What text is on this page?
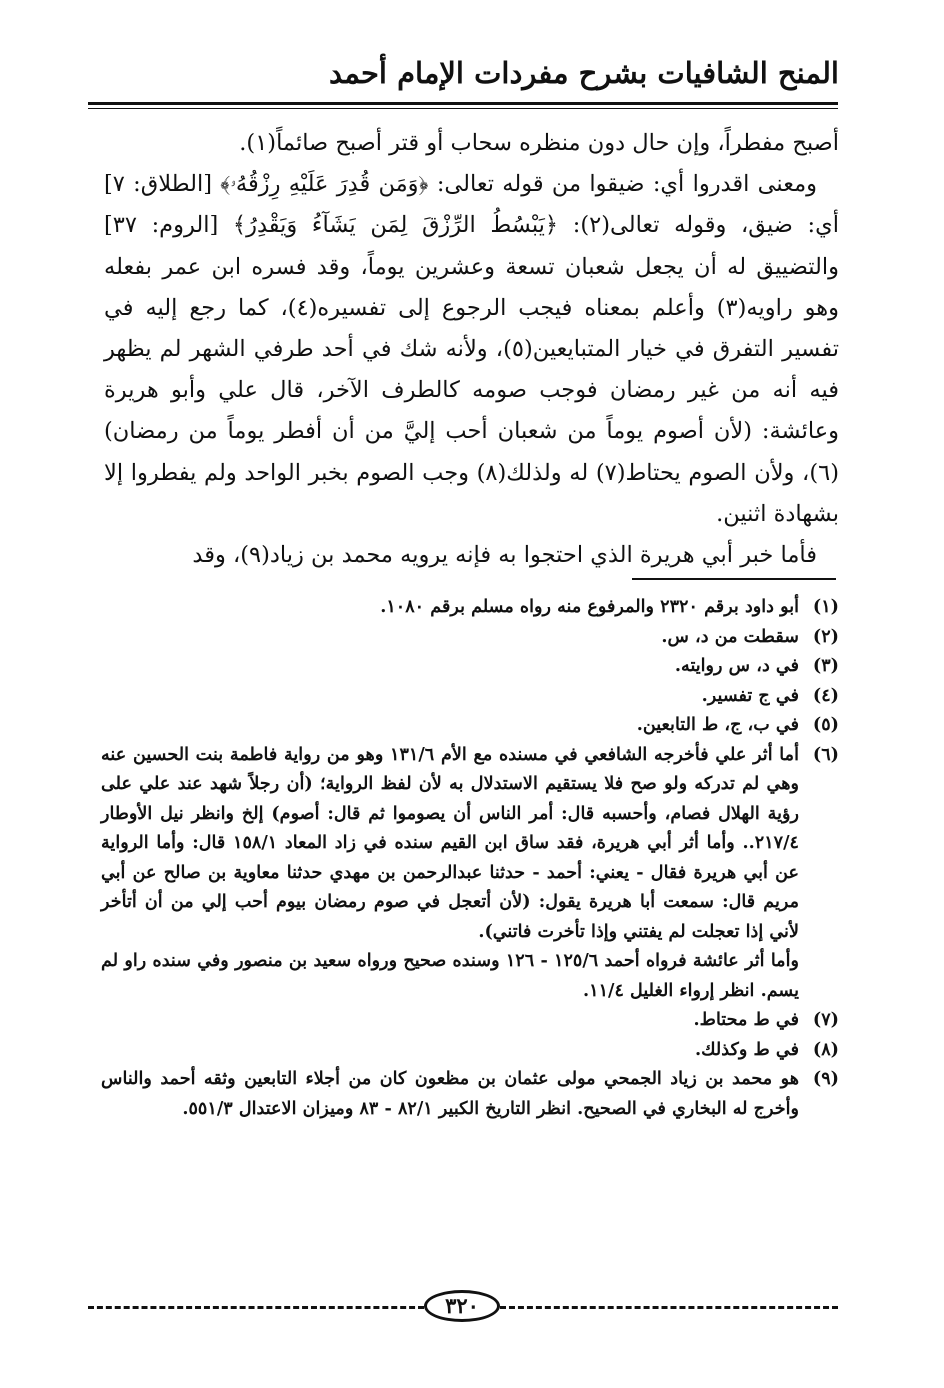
المنح الشافيات بشرح مفردات الإمام أحمد

أصبح مفطراً، وإن حال دون منظره سحاب أو قتر أصبح صائماً(١).

ومعنى اقدروا أي: ضيقوا من قوله تعالى: ﴿وَمَن قُدِرَ عَلَيْهِ رِزْقُهُۥ﴾ [الطلاق: ٧] أي: ضيق، وقوله تعالى(٢): ﴿يَبْسُطُ الرِّزْقَ لِمَن يَشَآءُ وَيَقْدِرُ﴾ [الروم: ٣٧] والتضييق له أن يجعل شعبان تسعة وعشرين يوماً، وقد فسره ابن عمر بفعله وهو راويه(٣) وأعلم بمعناه فيجب الرجوع إلى تفسيره(٤)، كما رجع إليه في تفسير التفرق في خيار المتبايعين(٥)، ولأنه شك في أحد طرفي الشهر لم يظهر فيه أنه من غير رمضان فوجب صومه كالطرف الآخر، قال علي وأبو هريرة وعائشة: (لأن أصوم يوماً من شعبان أحب إليَّ من أن أفطر يوماً من رمضان)(٦)، ولأن الصوم يحتاط(٧) له ولذلك(٨) وجب الصوم بخبر الواحد ولم يفطروا إلا بشهادة اثنين.

فأما خبر أبي هريرة الذي احتجوا به فإنه يرويه محمد بن زياد(٩)، وقد

(١)
أبو داود برقم ٢٣٢٠ والمرفوع منه رواه مسلم برقم ١٠٨٠.
(٢)
سقطت من د، س.
(٣)
في د، س روايته.
(٤)
في ج تفسير.
(٥)
في ب، ج، ط التابعين.
(٦)
أما أثر علي فأخرجه الشافعي في مسنده مع الأم ١٣١/٦ وهو من رواية فاطمة بنت الحسين عنه وهي لم تدركه ولو صح فلا يستقيم الاستدلال به لأن لفظ الرواية؛ (أن رجلاً شهد عند علي على رؤية الهلال فصام، وأحسبه قال: أمر الناس أن يصوموا ثم قال: أصوم) إلخ وانظر نيل الأوطار ٢١٧/٤.. وأما أثر أبي هريرة، فقد ساق ابن القيم سنده في زاد المعاد ١٥٨/١ قال: وأما الرواية عن أبي هريرة فقال - يعني: أحمد - حدثنا عبدالرحمن بن مهدي حدثنا معاوية بن صالح عن أبي مريم قال: سمعت أبا هريرة يقول: (لأن أتعجل في صوم رمضان بيوم أحب إلي من أن أتأخر لأني إذا تعجلت لم يفتني وإذا تأخرت فاتني).
وأما أثر عائشة فرواه أحمد ١٢٥/٦ - ١٢٦ وسنده صحيح ورواه سعيد بن منصور وفي سنده راو لم يسم. انظر إرواء الغليل ١١/٤.
(٧)
في ط محتاط.
(٨)
في ط وكذلك.
(٩)
هو محمد بن زياد الجمحي مولى عثمان بن مظعون كان من أجلاء التابعين وثقه أحمد والناس وأخرج له البخاري في الصحيح. انظر التاريخ الكبير ٨٢/١ - ٨٣ وميزان الاعتدال ٥٥١/٣.
٣٢٠
